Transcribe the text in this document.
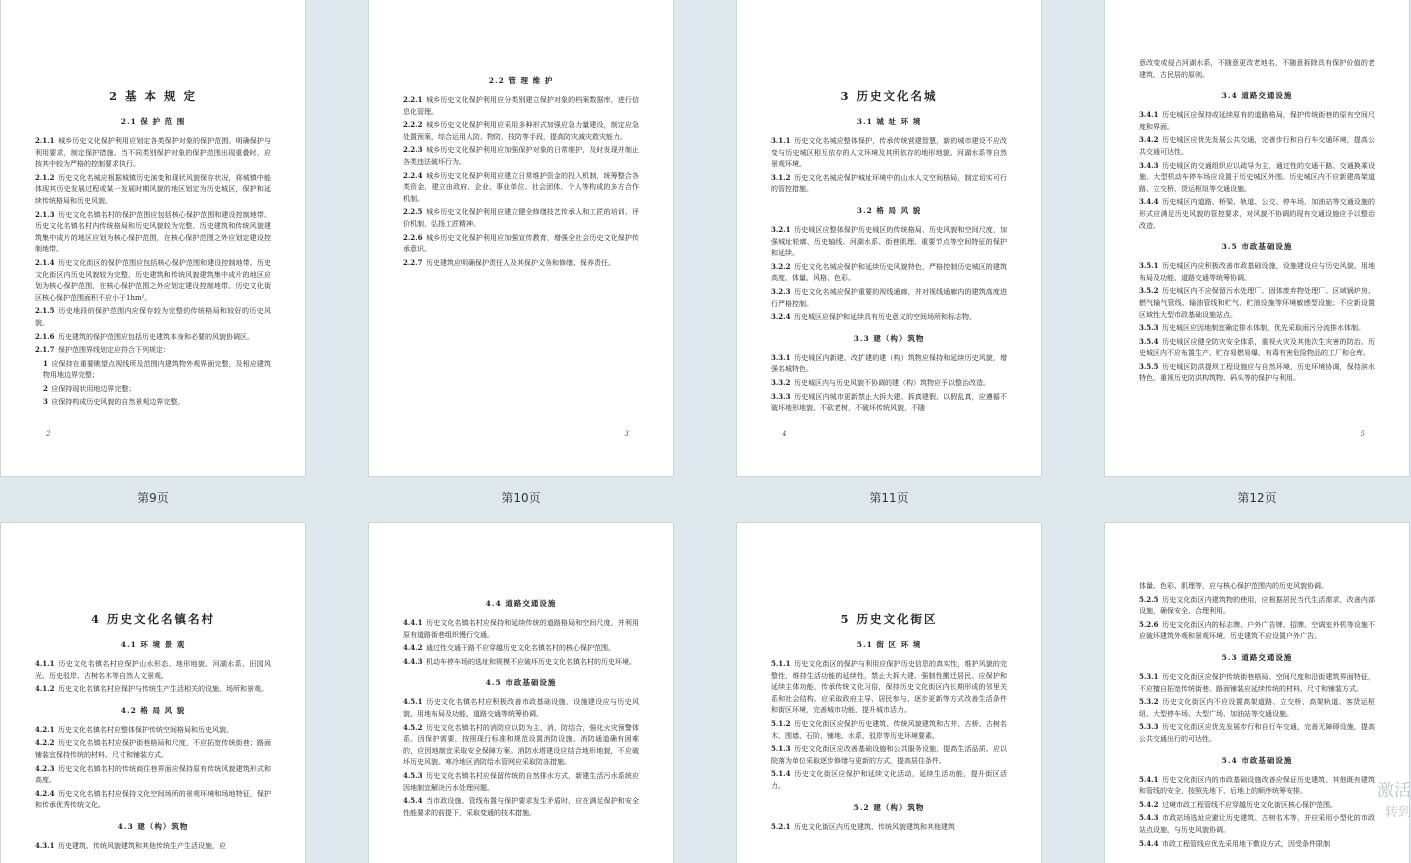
2 基 本 规 定
2.1 保 护 范 围
2.1.1  城乡历史文化保护利用应划定各类保护对象的保护范围。明确保护与利用要求，制定保护措施。当不同类别保护对象的保护范围出现重叠时，应按其中较为严格的控制要求执行。
2.1.2  历史文化名城应根据城镇历史演变和现状风貌保存状况，将城镇中能体现其历史发展过程或某一发展时期风貌的地区划定为历史城区，保护和延续传统格局和历史风貌。
2.1.3  历史文化名镇名村的保护范围应包括核心保护范围和建设控制地带。历史文化名镇名村内传统格局和历史风貌较为完整、历史建筑和传统风貌建筑集中成片的地区应划为核心保护范围，在核心保护范围之外应划定建设控制地带。
2.1.4  历史文化街区的保护范围应包括核心保护范围和建设控制地带。历史文化街区内历史风貌较为完整、历史建筑和传统风貌建筑集中成片的地区应划为核心保护范围，在核心保护范围之外应划定建设控制地带。历史文化街区核心保护范围面积不应小于1hm²。
2.1.5  历史地段的保护范围内应保存较为完整的传统格局和较好的历史风貌。
2.1.6  历史建筑的保护范围应包括历史建筑本身和必要的风貌协调区。
2.1.7  保护范围界线划定应符合下列规定：
1  应保持在重要眺望点视线所及范围内建筑物外观界面完整，及相应建筑物用地边界完整；
2  应保持现状用地边界完整；
3  应保持构成历史风貌的自然景观边界完整。
2
2.2 管 理 维 护
2.2.1  城乡历史文化保护利用应分类别建立保护对象的档案数据库，进行信息化管理。
2.2.2  城乡历史文化保护利用应采用多种形式加强应急力量建设，制定应急处置预案，综合运用人防、物防、技防等手段，提高防灾减灾救灾能力。
2.2.3  城乡历史文化保护利用应加强保护对象的日常维护，及时发现并制止各类违法破坏行为。
2.2.4  城乡历史文化保护利用应建立日常维护资金的投入机制，统筹整合各类资金，建立由政府、企业、事业单位、社会团体、个人等构成的多方合作机制。
2.2.5  城乡历史文化保护利用应建立健全修缮技艺传承人和工匠的培训、评价机制，弘扬工匠精神。
2.2.6  城乡历史文化保护利用应加强宣传教育，增强全社会历史文化保护传承意识。
2.2.7  历史建筑应明确保护责任人及其保护义务和修缮、保养责任。
3
3 历史文化名城
3.1 城 址 环 境
3.1.1  历史文化名城应整体保护，传承传统营建智慧，新的城市建设不应改变与历史城区相互依存的人文环境及其所依存的地形地貌、河湖水系等自然景观环境。
3.1.2  历史文化名城应保护城址环境中的山水人文空间格局，制定切实可行的管控措施。
3.2 格 局 风 貌
3.2.1  历史城区应整体保护历史城区的传统格局、历史风貌和空间尺度，加强城址轮廓、历史轴线、河湖水系、街巷肌理、重要节点等空间特征的保护和延续。
3.2.2  历史文化名城应保护和延续历史风貌特色，严格控制历史城区的建筑高度、体量、风格、色彩。
3.2.3  历史文化名城应保护重要的视线通廊，并对视线通廊内的建筑高度进行严格控制。
3.2.4  历史城区应保护和延续具有历史意义的空间场所和标志物。
3.3 建（构）筑物
3.3.1  历史城区内新建、改扩建的建（构）筑物应保持和延续历史风貌，增强名城特色。
3.3.2  历史城区内与历史风貌不协调的建（构）筑物应予以整治改造。
3.3.3  历史城区内城市更新禁止大拆大建、拆真建假、以假乱真，应遵循不破坏地形地貌、不砍老树，不破坏传统风貌，不随
4
意改变或侵占河湖水系，不随意更改老地名，不随意拆除具有保护价值的老建筑、古民居的原则。
3.4 道路交通设施
3.4.1  历史城区应保持或延续原有的道路格局，保护传统街巷的原有空间尺度和界面。
3.4.2  历史城区应优先发展公共交通，完善步行和自行车交通环境，提高公共交通可达性。
3.4.3  历史城区的交通组织应以疏导为主，通过性的交通干路、交通换乘设施、大型机动车停车场应设置于历史城区外围。历史城区内不应新建高架道路、立交桥、货运枢纽等交通设施。
3.4.4  历史城区内道路、桥梁、轨道、公交、停车场、加油站等交通设施的形式应满足历史风貌的管控要求，对风貌不协调的现有交通设施应予以整治改造。
3.5 市政基础设施
3.5.1  历史城区内应积极改善市政基础设施，设施建设应与历史风貌、用地布局及功能、道路交通等统筹协调。
3.5.2  历史城区内不应保留污水处理厂、固体废弃物处理厂、区域锅炉房、燃气输气管线、输油管线和贮气、贮油设施等环境敏感型设施；不应新设置区域性大型市政基础设施站点。
3.5.3  历史城区应因地制宜确定排水体制，优先采取雨污分流排水体制。
3.5.4  历史城区应健全防灾安全体系，重视火灾及其他次生灾害的防治。历史城区内不应布置生产、贮存易燃易爆、有毒有害危险物品的工厂和仓库。
3.5.5  历史城区防洪提坝工程设施应与自然环境、历史环境协调，保持滨水特色，重视历史防洪构筑物、码头等的保护与利用。
5
第9页	第10页	第11页	第12页
4 历史文化名镇名村
4.1 环 境 景 观
4.1.1  历史文化名镇名村应保护山水形态、地形地貌、河湖水系、田园风光、历史驳岸、古树名木等自然人文景观。
4.1.2  历史文化名镇名村应保护与传统生产生活相关的设施、场所和景观。
4.2 格 局 风 貌
4.2.1  历史文化名镇名村应整体保护传统空间格局和历史风貌。
4.2.2  历史文化名镇名村应保护街巷格局和尺度，不应拓宽传统街巷；路面铺装宜保持传统的材料、尺寸和铺装方式。
4.2.3  历史文化名镇名村的传统商住巷界面应保持原有传统风貌建筑形式和高度。
4.2.4  历史文化名镇名村应保持文化空间场所的景观环境和场地特征，保护和传承优秀传统文化。
4.3 建（构）筑物
4.3.1  历史建筑、传统风貌建筑和其他传统生产生活设施，应
4.4 道路交通设施
4.4.1  历史文化名镇名村应保持和延续传统的道路格局和空间尺度，并利用原有道路街巷组织慢行交通。
4.4.2  通过性交通干路不应穿越历史文化名镇名村的核心保护范围。
4.4.3  机动车停车场的选址和规模不应破坏历史文化名镇名村的历史环境。
4.5 市政基础设施
4.5.1  历史文化名镇名村应积极改善市政基础设施，设施建设应与历史风貌、用地布局及功能、道路交通等统筹协调。
4.5.2  历史文化名镇名村的消防应以防为主、消、防结合，强化火灾预警体系。因保护需要，按照现行标准和规范设置消防设施、消防通道确有困难的，应因地制宜采取安全保障方案。消防水塔建设应结合地形地貌，不应破坏历史风貌。寒冷地区消防给水管网应采取防冻措施。
4.5.3  历史文化名镇名村应保留传统的自然排水方式，新建生活污水系统应因地制宜解决污水处理问题。
4.5.4  当市政设施、管线布置与保护要求发生矛盾时，应在满足保护和安全性能要求的前提下，采取变通的技术措施。
5 历史文化街区
5.1 街 区 环 境
5.1.1  历史文化街区的保护与利用应保护历史信息的真实性，维护风貌的完整性，维持生活功能的延续性，禁止大拆大建、强制性搬迁居民。应保护和延续主体功能，传承传统文化习俗，保持历史文化街区内长期形成的邻里关系和社会结构。应采取政府主导、居民参与、逐步更新等方式改善生活条件和街区环境，完善城市功能，提升城市活力。
5.1.2  历史文化街区应保护历史建筑、传统风貌建筑和古井、古桥、古树名木、围墙、石阶、铺地、水系、驳岸等历史环境要素。
5.1.3  历史文化街区应改善基础设施和公共服务设施，提高生活品质。应以院落为单位采取逐步修缮与更新的方式，提高居住条件。
5.1.4  历史文化街区应保护和延续文化活动，延续生活功能，提升街区活力。
5.2 建（构）筑物
5.2.1  历史文化街区内历史建筑、传统风貌建筑和其他建筑
体量、色彩、肌理等，应与核心保护范围内的历史风貌协调。
5.2.5  历史文化街区内建筑物的使用，应根据居民当代生活需求，改善内部设施，确保安全、合理利用。
5.2.6  历史文化街区内的标志牌、户外广告牌、招牌、空调室外机等设施不应破坏建筑外观和景观环境。历史建筑不应设置户外广告。
5.3 道路交通设施
5.3.1  历史文化街区应保护传统街巷格局、空间尺度和沿街建筑界面特征，不应擅自拓宽传统街巷。路面铺装应延续传统的材料、尺寸和铺装方式。
5.3.2  历史文化街区内不应设置高架道路、立交桥、高架轨道、客货运枢纽、大型停车场、大型广场、加油站等交通设施。
5.3.3  历史文化街区应优先发展步行和自行车交通，完善无障碍设施，提高公共交通出行的可达性。
5.4 市政基础设施
5.4.1  历史文化街区内的市政基础设施改善应保证历史建筑、其他既有建筑和管线的安全，按照先地下、后地上的顺序统筹安排。
5.4.2  过境市政工程管线不应穿越历史文化街区核心保护范围。
5.4.3  市政站场选址应避让历史建筑、古树名木等，并应采用小型化的市政站点设施，与历史风貌协调。
5.4.4  市政工程管线应优先采用地下敷设方式，因受条件限制
激活
转到
